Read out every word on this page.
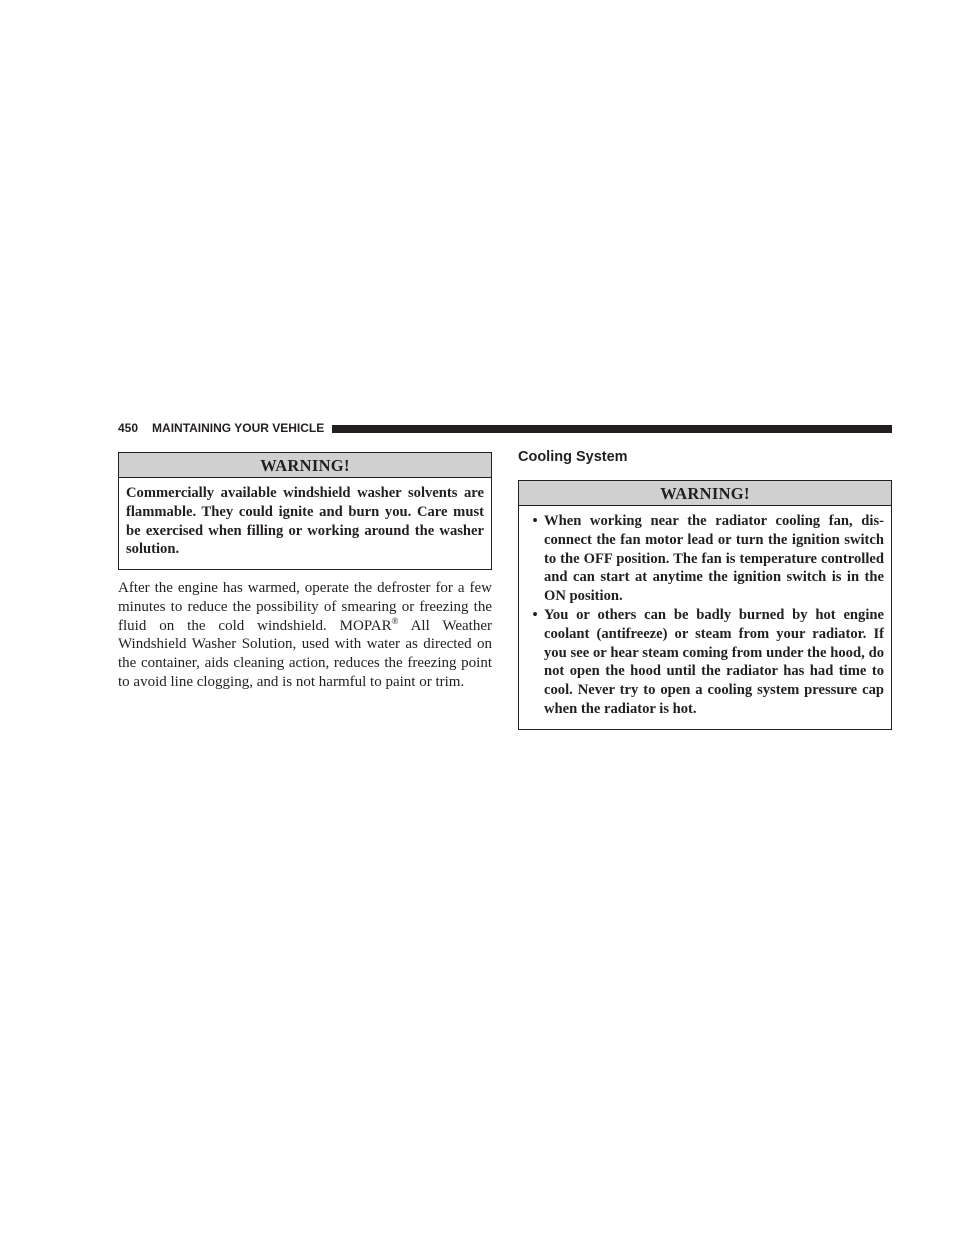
450 MAINTAINING YOUR VEHICLE
WARNING!
Commercially available windshield washer solvents are flammable. They could ignite and burn you. Care must be exercised when filling or working around the washer solution.
After the engine has warmed, operate the defroster for a few minutes to reduce the possibility of smearing or freezing the fluid on the cold windshield. MOPAR® All Weather Windshield Washer Solution, used with water as directed on the container, aids cleaning action, reduces the freezing point to avoid line clogging, and is not harmful to paint or trim.
Cooling System
WARNING!
• When working near the radiator cooling fan, dis-connect the fan motor lead or turn the ignition switch to the OFF position. The fan is temperature controlled and can start at anytime the ignition switch is in the ON position.
• You or others can be badly burned by hot engine coolant (antifreeze) or steam from your radiator. If you see or hear steam coming from under the hood, do not open the hood until the radiator has had time to cool. Never try to open a cooling system pressure cap when the radiator is hot.
